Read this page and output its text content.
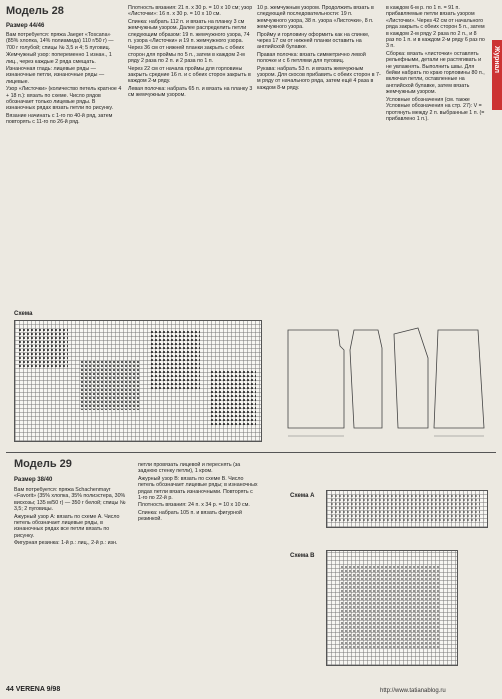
Модель 28
Размер 44/46

Вам потребуется: пряжа Jaeger «Toscana» (85% хлопка, 14% полиамида) 110 г/50 г) — 700 г голубой; спицы № 3,5 и 4; 5 пуговиц.

Жемчужный узор: попеременно 1 изнан., 1 лиц., через каждые 2 ряда смещать.

Изнаночная гладь: лицевые ряды — изнаночные петли, изнаночные ряды — лицевые.

Узор «Листочки» (количество петель кратное 4 + 18 п.): вязать по схеме. Число рядов обозначает только лицевые ряды. В изнаночных рядах вязать петли по рисунку.

Вязание начинать с 1-го по 40-й ряд, затем повторять с 11-го по 26-й ряд.

Плотность вязания: 21 п. х 30 р. = 10 х 10 см; узор «Листочки»: 16 п. х 30 р. = 10 х 10 см.

Спинка: набрать 112 п. и вязать на планку 3 см жемчужным узором. Далее распределить петли следующим образом: 19 п. жемчужного узора, 74 п. узора «Листочки» и 19 п. жемчужного узора.

Через 36 см от нижней планки закрыть с обеих сторон для проймы по 5 п., затем в каждом 2-м ряду 2 раза по 2 п. и 2 раза по 1 п.

Через 22 см от начала проймы для горловины закрыть средние 16 п. и с обеих сторон закрыть в каждом 2-м ряду.

Левая полочка: набрать 65 п. и вязать на планку 3 см жемчужным узором.

10 р. жемчужным узором. Продолжить вязать в следующей последовательности: 19 п. жемчужного узора, 38 п. узора «Листочки», 8 п. жемчужного узора.

Пройму и горловину оформить как на спинке, через 17 см от нижней планки оставить на английской булавке.

Правая полочка: вязать симметрично левой полочке и с 6 петлями для пуговиц.

Рукава: набрать 53 п. и вязать жемчужным узором. Для скосов прибавить с обеих сторон в 7-м ряду от начального ряда, затем ещё 4 раза в каждом 8-м ряду.

в каждом 6-м р. по 1 п. = 91 п. прибавляемые петли вязать узором «Листочки». Через 42 см от начального ряда закрыть с обеих сторон 5 п., затем в каждом 2-м ряду 2 раза по 2 п., и 8 раз по 1 п. и в каждом 2-м ряду 6 раз по 3 п.

Сборка: вязать «листочки» оставлять рельефными, детали не растягивать и не увлажнять. Выполнить швы. Для бейки набрать по краю горловины 80 п., включая петли, оставленные на английской булавке, затем вязать жемчужным узором.

Условные обозначения (см. также Условные обозначения на стр. 27): V = протянуть между 2 п. выбранные 1 п. (= прибавлено 1 п.).

Журнал
Схема
Модель 29
Размер 38/40

Вам потребуется: пряжа Schachenmayr «Favorit» (35% хлопка, 35% полиэстера, 30% вискозы; 135 м/50 г) — 350 г белой; спицы № 3,5; 2 пуговицы.

Ажурный узор А: вязать по схеме А. Число петель обозначает лицевые ряды, в изнаночных рядах все петли вязать по рисунку.

Фигурная резинка: 1-й р.: лиц., 2-й р.: изн.

петли провязать лицевой и переснять (за заднюю стенку петли), 1 кром.

Ажурный узор В: вязать по схеме В. Число петель обозначает лицевые ряды; в изнаночных рядах петли вязать изнаночными. Повторять с 1-го по 22-й р.

Плотность вязания: 24 п. х 34 р. = 10 х 10 см.

Спинка: набрать 105 п. и вязать фигурной резинкой.

Схема А
Схема В
44 VERENA 9/98	http://www.tatianablog.ru
